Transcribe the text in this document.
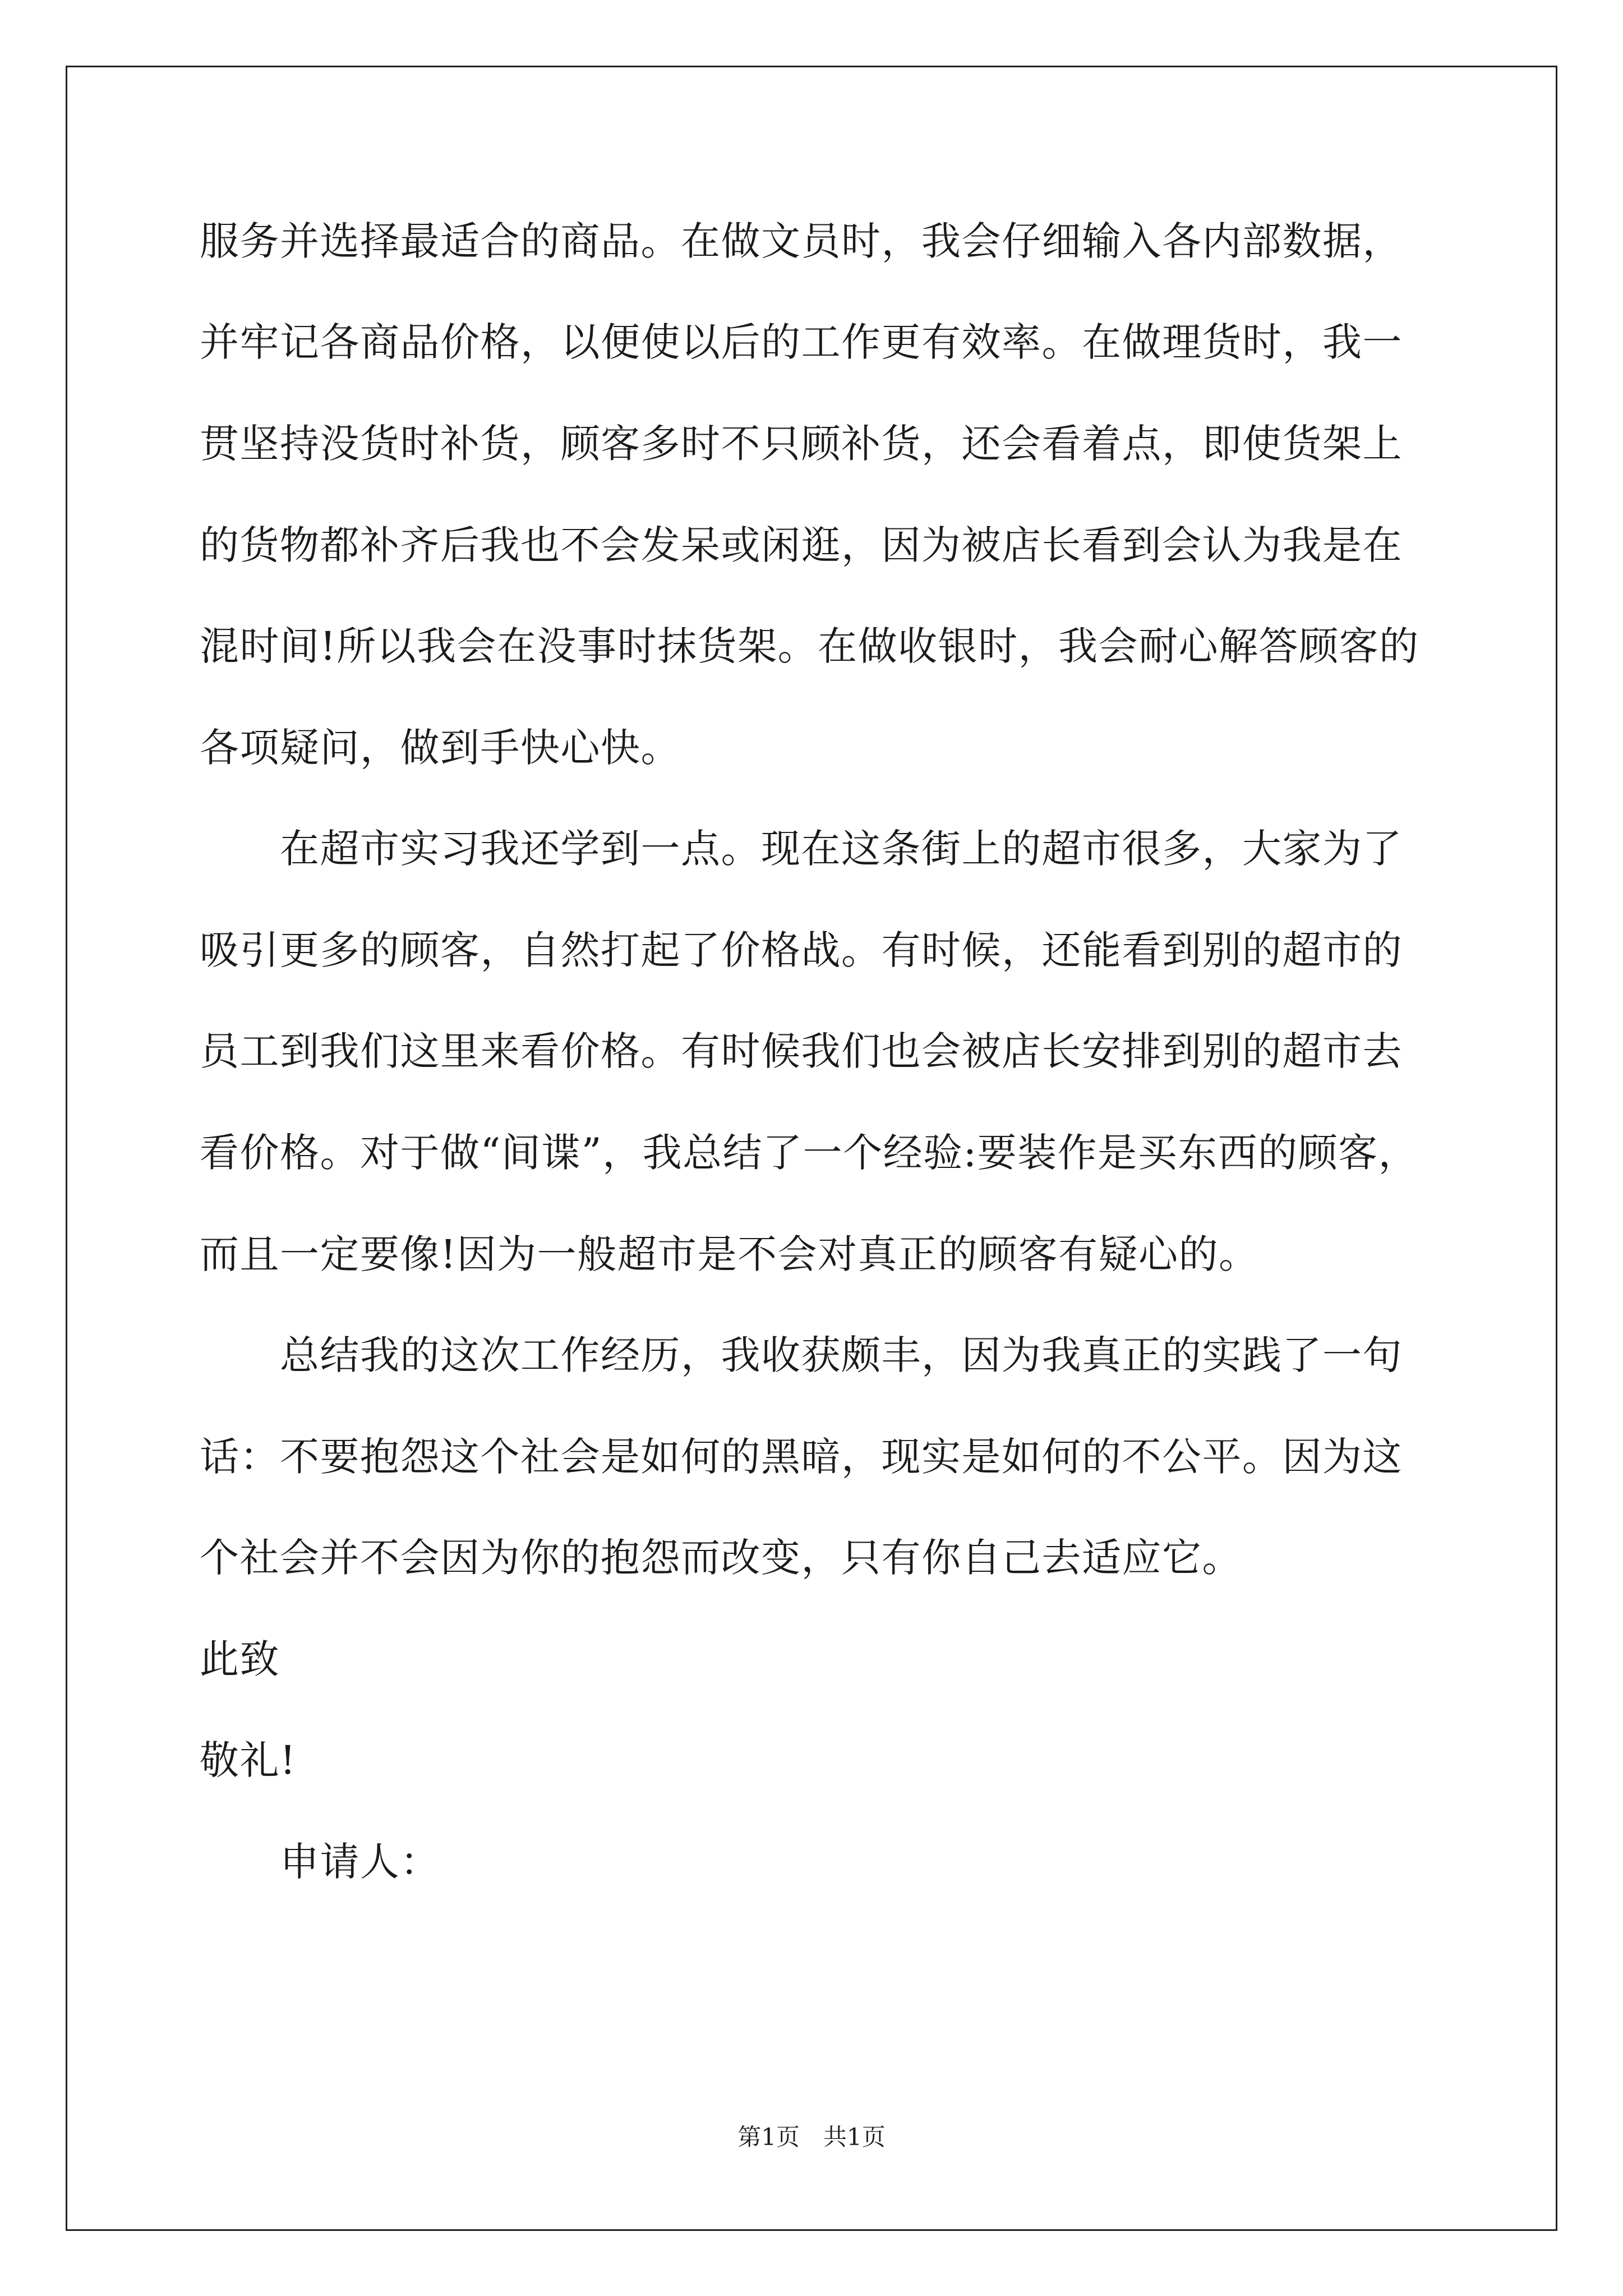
服务并选择最适合的商品。在做文员时，我会仔细输入各内部数据，
并牢记各商品价格，以便使以后的工作更有效率。在做理货时，我一
贯坚持没货时补货，顾客多时不只顾补货，还会看着点，即使货架上
的货物都补齐后我也不会发呆或闲逛，因为被店长看到会认为我是在
混时间!所以我会在没事时抹货架。在做收银时，我会耐心解答顾客的
各项疑问，做到手快心快。
　　在超市实习我还学到一点。现在这条街上的超市很多，大家为了
吸引更多的顾客，自然打起了价格战。有时候，还能看到别的超市的
员工到我们这里来看价格。有时候我们也会被店长安排到别的超市去
看价格。对于做“间谍”，我总结了一个经验:要装作是买东西的顾客，
而且一定要像!因为一般超市是不会对真正的顾客有疑心的。
　　总结我的这次工作经历，我收获颇丰，因为我真正的实践了一句
话：不要抱怨这个社会是如何的黑暗，现实是如何的不公平。因为这
个社会并不会因为你的抱怨而改变，只有你自己去适应它。
此致
敬礼!
　　申请人：
第1页　共1页
